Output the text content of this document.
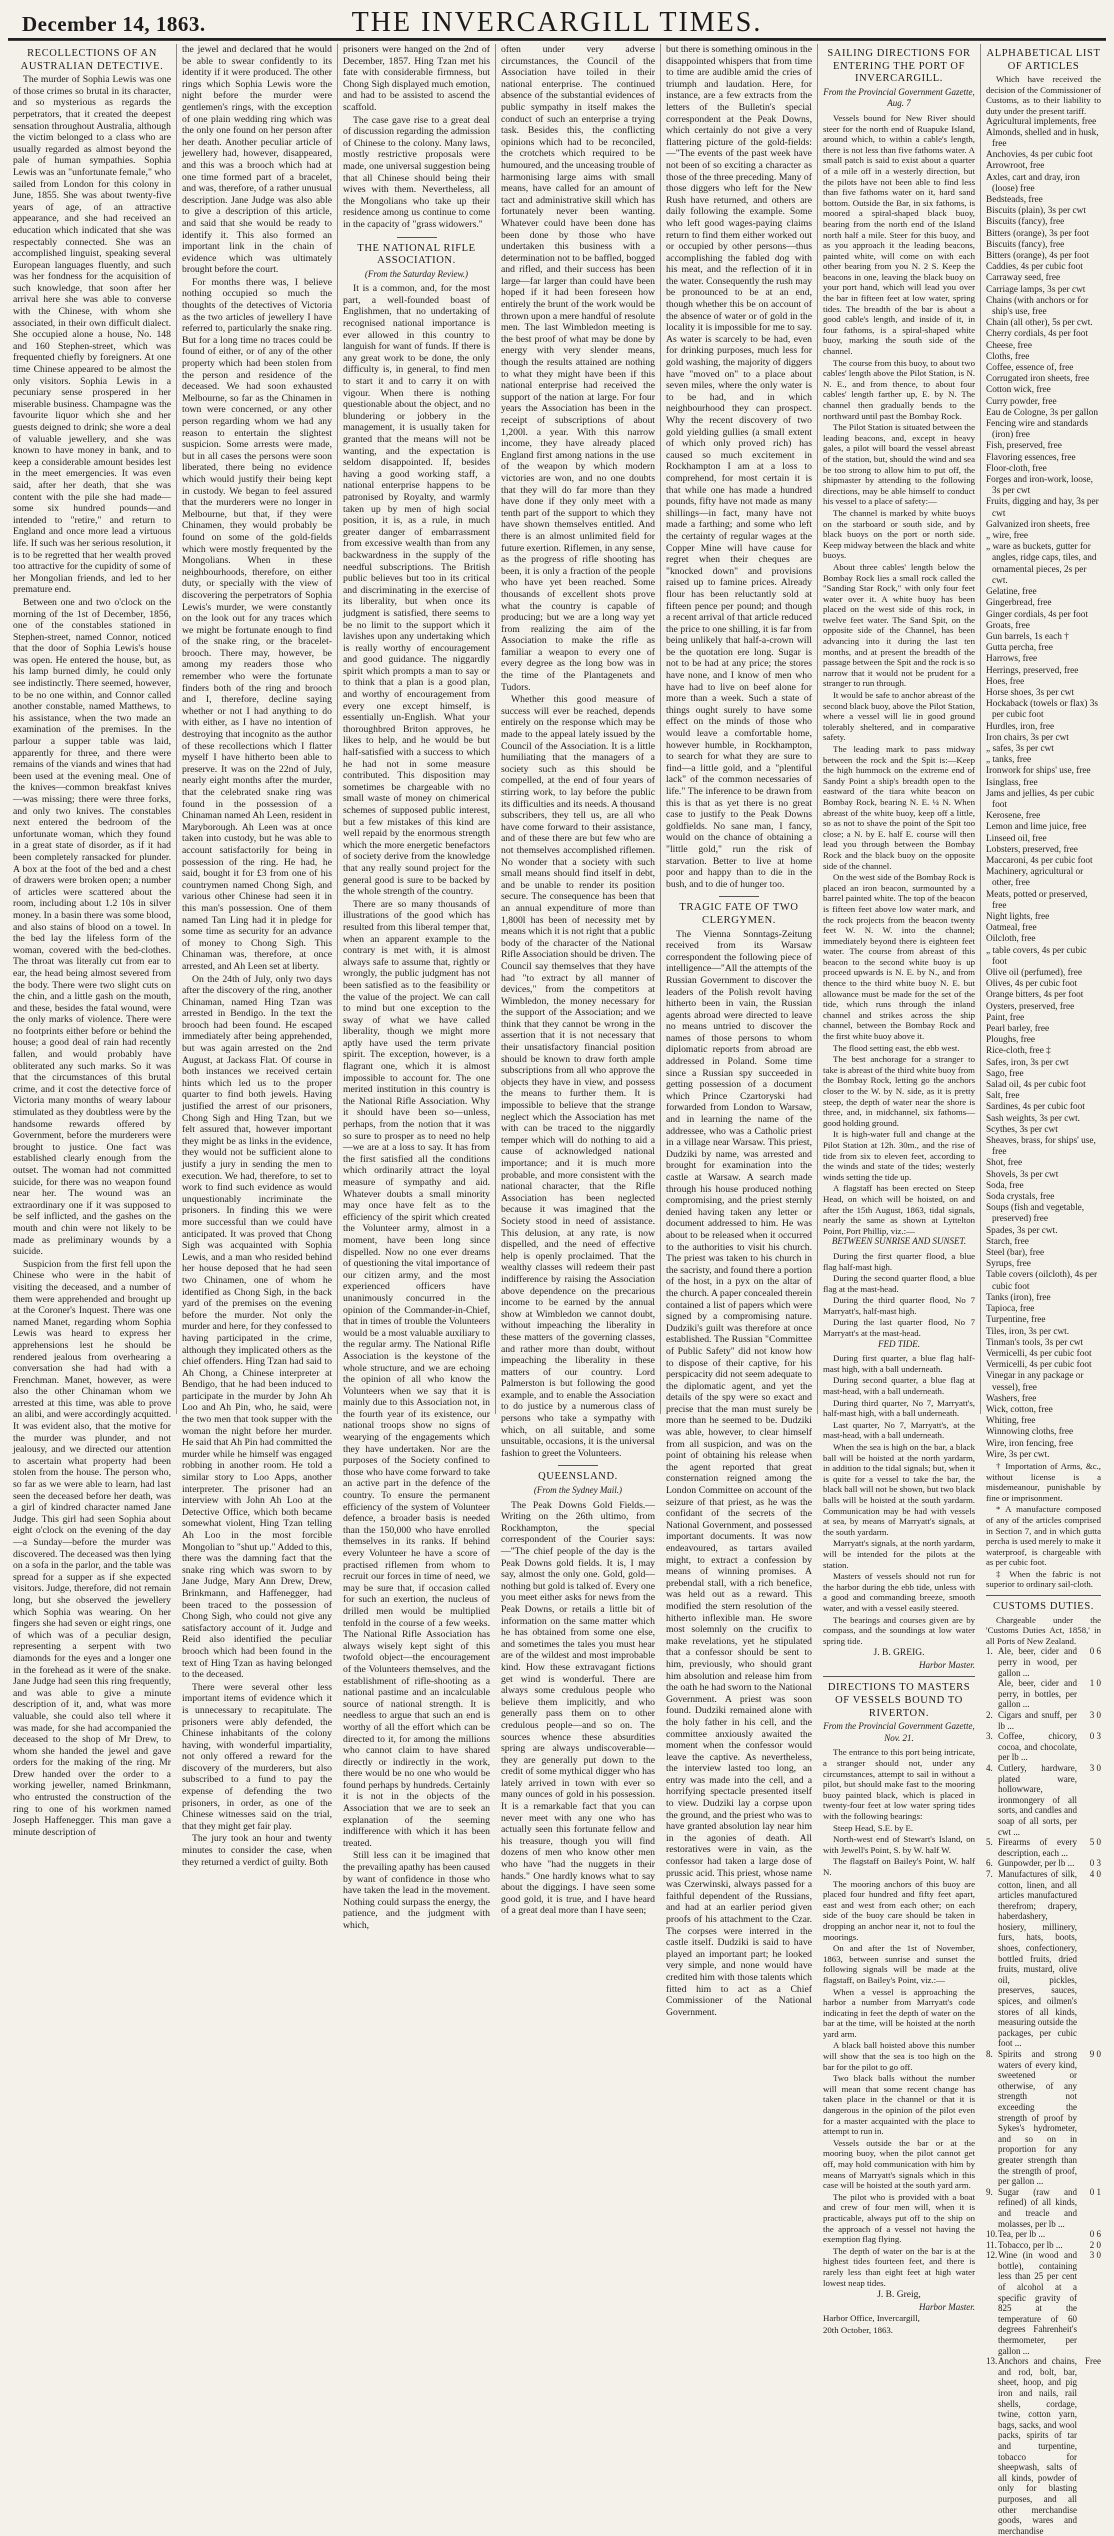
December 14, 1863.	THE INVERCARGILL TIMES.
RECOLLECTIONS OF AN AUSTRALIAN DETECTIVE.

The murder of Sophia Lewis was one of those crimes so brutal in its character, and so mysterious as regards the perpetrators, that it created the deepest sensation throughout Australia, although the victim belonged to a class who are usually regarded as almost beyond the pale of human sympathies. Sophia Lewis was an "unfortunate female," who sailed from London for this colony in June, 1855. She was about twenty-five years of age, of an attractive appearance, and she had received an education which indicated that she was respectably connected. She was an accomplished linguist, speaking several European languages fluently, and such was her fondness for the acquisition of such knowledge, that soon after her arrival here she was able to converse with the Chinese, with whom she associated, in their own difficult dialect. She occupied alone a house, No. 148 and 160 Stephen-street, which was frequented chiefly by foreigners. At one time Chinese appeared to be almost the only visitors. Sophia Lewis in a pecuniary sense prospered in her miserable business. Champagne was the favourite liquor which she and her guests deigned to drink; she wore a deal of valuable jewellery, and she was known to have money in bank, and to keep a considerable amount besides lest in the meet emergencies. It was even said, after her death, that she was content with the pile she had made—some six hundred pounds—and intended to "retire," and return to England and once more lead a virtuous life. If such was her serious resolution, it is to be regretted that her wealth proved too attractive for the cupidity of some of her Mongolian friends, and led to her premature end.

Between one and two o'clock on the morning of the 1st of December, 1856, one of the constables stationed in Stephen-street, named Connor, noticed that the door of Sophia Lewis's house was open. He entered the house, but, as his lamp burned dimly, he could only see indistinctly. There seemed, however, to be no one within, and Connor called another constable, named Matthews, to his assistance, when the two made an examination of the premises. In the parlour a supper table was laid, apparently for three, and there were remains of the viands and wines that had been used at the evening meal. One of the knives—common breakfast knives—was missing; there were three forks, and only two knives. The constables next entered the bedroom of the unfortunate woman, which they found in a great state of disorder, as if it had been completely ransacked for plunder. A box at the foot of the bed and a chest of drawers were broken open; a number of articles were scattered about the room, including about 1.2 10s in silver money. In a basin there was some blood, and also stains of blood on a towel. In the bed lay the lifeless form of the woman, covered with the bed-clothes. The throat was literally cut from ear to ear, the head being almost severed from the body. There were two slight cuts on the chin, and a little gash on the mouth, and these, besides the fatal wound, were the only marks of violence. There were no footprints either before or behind the house; a good deal of rain had recently fallen, and would probably have obliterated any such marks. So it was that the circumstances of this brutal crime, and it cost the detective force of Victoria many months of weary labour stimulated as they doubtless were by the handsome rewards offered by Government, before the murderers were brought to justice. One fact was established clearly enough from the outset. The woman had not committed suicide, for there was no weapon found near her. The wound was an extraordinary one if it was supposed to be self inflicted, and the gashes on the mouth and chin were not likely to be made as preliminary wounds by a suicide.

Suspicion from the first fell upon the Chinese who were in the habit of visiting the deceased, and a number of them were apprehended and brought up at the Coroner's Inquest. There was one named Manet, regarding whom Sophia Lewis was heard to express her apprehensions lest he should be rendered jealous from overhearing a conversation she had had with a Frenchman. Manet, however, as were also the other Chinaman whom we arrested at this time, was able to prove an alibi, and were accordingly acquitted. It was evident also, that the motive for the murder was plunder, and not jealousy, and we directed our attention to ascertain what property had been stolen from the house. The person who, so far as we were able to learn, had last seen the deceased before her death, was a girl of kindred character named Jane Judge. This girl had seen Sophia about eight o'clock on the evening of the day—a Sunday—before the murder was discovered. The deceased was then lying on a sofa in the parlor, and the table was spread for a supper as if she expected visitors. Judge, therefore, did not remain long, but she observed the jewellery which Sophia was wearing. On her fingers she had seven or eight rings, one of which was of a peculiar design, representing a serpent with two diamonds for the eyes and a longer one in the forehead as it were of the snake. Jane Judge had seen this ring frequently, and was able to give a minute description of it, and, what was more valuable, she could also tell where it was made, for she had accompanied the deceased to the shop of Mr Drew, to whom she handed the jewel and gave orders for the making of the ring. Mr Drew handed over the order to a working jeweller, named Brinkmann, who entrusted the construction of the ring to one of his workmen named Joseph Haffenegger. This man gave a minute description of

the jewel and declared that he would be able to swear confidently to its identity if it were produced. The other rings which Sophia Lewis wore the night before the murder were gentlemen's rings, with the exception of one plain wedding ring which was the only one found on her person after her death. Another peculiar article of jewellery had, however, disappeared, and this was a brooch which had at one time formed part of a bracelet, and was, therefore, of a rather unusual description. Jane Judge was also able to give a description of this article, and said that she would be ready to identify it. This also formed an important link in the chain of evidence which was ultimately brought before the court.

For months there was, I believe nothing occupied so much the thoughts of the detectives of Victoria as the two articles of jewellery I have referred to, particularly the snake ring. But for a long time no traces could be found of either, or of any of the other property which had been stolen from the person and residence of the deceased. We had soon exhausted Melbourne, so far as the Chinamen in town were concerned, or any other person regarding whom we had any reason to entertain the slightest suspicion. Some arrests were made, but in all cases the persons were soon liberated, there being no evidence which would justify their being kept in custody. We began to feel assured that the murderers were no longer in Melbourne, but that, if they were Chinamen, they would probably be found on some of the gold-fields which were mostly frequented by the Mongolians. When in these neighbourhoods, therefore, on either duty, or specially with the view of discovering the perpetrators of Sophia Lewis's murder, we were constantly on the look out for any traces which we might be fortunate enough to find of the snake ring, or the bracelet-brooch. There may, however, be among my readers those who remember who were the fortunate finders both of the ring and brooch and I, therefore, decline saying whether or not I had anything to do with either, as I have no intention of destroying that incognito as the author of these recollections which I flatter myself I have hitherto been able to preserve. It was on the 22nd of July, nearly eight months after the murder, that the celebrated snake ring was found in the possession of a Chinaman named Ah Leen, resident in Maryborough. Ah Leen was at once taken into custody, but he was able to account satisfactorily for being in possession of the ring. He had, he said, bought it for £3 from one of his countrymen named Chong Sigh, and various other Chinese had seen it in this man's possession. One of them named Tan Ling had it in pledge for some time as security for an advance of money to Chong Sigh. This Chinaman was, therefore, at once arrested, and Ah Leen set at liberty.

On the 24th of July, only two days after the discovery of the ring, another Chinaman, named Hing Tzan was arrested in Bendigo. In the text the brooch had been found. He escaped immediately after being apprehended, but was again arrested on the 2nd August, at Jackass Flat. Of course in both instances we received certain hints which led us to the proper quarter to find both jewels. Having justified the arrest of our prisoners, Chong Sigh and Hing Tzan, but we felt assured that, however important they might be as links in the evidence, they would not be sufficient alone to justify a jury in sending the men to execution. We had, therefore, to set to work to find such evidence as would unquestionably incriminate the prisoners. In finding this we were more successful than we could have anticipated. It was proved that Chong Sigh was acquainted with Sophia Lewis, and a man who resided behind her house deposed that he had seen two Chinamen, one of whom he identified as Chong Sigh, in the back yard of the premises on the evening before the murder. Not only the murder and here, for they confessed to having participated in the crime, although they implicated others as the chief offenders. Hing Tzan had said to Ah Chong, a Chinese interpreter at Bendigo, that he had been induced to participate in the murder by John Ah Loo and Ah Pin, who, he said, were the two men that took supper with the woman the night before her murder. He said that Ah Pin had committed the murder while he himself was engaged robbing in another room. He told a similar story to Loo Apps, another interpreter. The prisoner had an interview with John Ah Loo at the Detective Office, which both became somewhat violent, Hing Tzan telling Ah Loo in the most forcible Mongolian to "shut up." Added to this, there was the damning fact that the snake ring which was sworn to by Jane Judge, Mary Ann Drew, Drew, Brinkmann, and Haffenegger, had been traced to the possession of Chong Sigh, who could not give any satisfactory account of it. Judge and Reid also identified the peculiar brooch which had been found in the text of Hing Tzan as having belonged to the deceased.

There were several other less important items of evidence which it is unnecessary to recapitulate. The prisoners were ably defended, the Chinese inhabitants of the colony having, with wonderful impartiality, not only offered a reward for the discovery of the murderers, but also subscribed to a fund to pay the expense of defending the two prisoners, in order, as one of the Chinese witnesses said on the trial, that they might get fair play.

The jury took an hour and twenty minutes to consider the case, when they returned a verdict of guilty. Both

prisoners were hanged on the 2nd of December, 1857. Hing Tzan met his fate with considerable firmness, but Chong Sigh displayed much emotion, and had to be assisted to ascend the scaffold.

The case gave rise to a great deal of discussion regarding the admission of Chinese to the colony. Many laws, mostly restrictive proposals were made, one universal suggestion being that all Chinese should being their wives with them. Nevertheless, all the Mongolians who take up their residence among us continue to come in the capacity of "grass widowers."

THE NATIONAL RIFLE ASSOCIATION.
(From the Saturday Review.)

It is a common, and, for the most part, a well-founded boast of Englishmen, that no undertaking of recognised national importance is ever allowed in this country to languish for want of funds. If there is any great work to be done, the only difficulty is, in general, to find men to start it and to carry it on with vigour. When there is nothing questionable about the object, and no blundering or jobbery in the management, it is usually taken for granted that the means will not be wanting, and the expectation is seldom disappointed. If, besides having a good working staff, a national enterprise happens to be patronised by Royalty, and warmly taken up by men of high social position, it is, as a rule, in much greater danger of embarrassment from excessive wealth than from any backwardness in the supply of the needful subscriptions. The British public believes but too in its critical and discriminating in the exercise of its liberality, but when once its judgment is satisfied, there seems to be no limit to the support which it lavishes upon any undertaking which is really worthy of encouragement and good guidance. The niggardly spirit which prompts a man to say or to think that a plan is a good plan, and worthy of encouragement from every one except himself, is essentially un-English. What your thoroughbred Briton approves, he likes to help, and he would be but half-satisfied with a success to which he had not in some measure contributed. This disposition may sometimes be chargeable with no small waste of money on chimerical schemes of supposed public interest, but a few mistakes of this kind are well repaid by the enormous strength which the more energetic benefactors of society derive from the knowledge that any really sound project for the general good is sure to be backed by the whole strength of the country.

There are so many thousands of illustrations of the good which has resulted from this liberal temper that, when an apparent example to the contrary is met with, it is almost always safe to assume that, rightly or wrongly, the public judgment has not been satisfied as to the feasibility or the value of the project. We can call to mind but one exception to the sway of what we have called liberality, though we might more aptly have used the term private spirit. The exception, however, is a flagrant one, which it is almost impossible to account for. The one merited institution in this country is the National Rifle Association. Why it should have been so—unless, perhaps, from the notion that it was so sure to prosper as to need no help—we are at a loss to say. It has from the first satisfied all the conditions which ordinarily attract the loyal measure of sympathy and aid. Whatever doubts a small minority may once have felt as to the efficiency of the spirit which created the Volunteer army, almost in a moment, have been long since dispelled. Now no one ever dreams of questioning the vital importance of our citizen army, and the most experienced officers have unanimously concurred in the opinion of the Commander-in-Chief, that in times of trouble the Volunteers would be a most valuable auxiliary to the regular army. The National Rifle Association is the keystone of the whole structure, and we are echoing the opinion of all who know the Volunteers when we say that it is mainly due to this Association not, in the fourth year of its existence, our national troops show no signs of wearying of the engagements which they have undertaken. Nor are the purposes of the Society confined to those who have come forward to take an active part in the defence of the country. To ensure the permanent efficiency of the system of Volunteer defence, a broader basis is needed than the 150,000 who have enrolled themselves in its ranks. If behind every Volunteer he have a score of practised riflemen from whom to recruit our forces in time of need, we may be sure that, if occasion called for such an exertion, the nucleus of drilled men would be multiplied tenfold in the course of a few weeks. The National Rifle Association has always wisely kept sight of this twofold object—the encouragement of the Volunteers themselves, and the establishment of rifle-shooting as a national pastime and an incalculable source of national strength. It is needless to argue that such an end is worthy of all the effort which can be directed to it, for among the millions who cannot claim to have shared directly or indirectly in the work, there would be no one who would be found perhaps by hundreds. Certainly it is not in the objects of the Association that we are to seek an explanation of the seeming indifference with which it has been treated.

Still less can it be imagined that the prevailing apathy has been caused by want of confidence in those who have taken the lead in the movement. Nothing could surpass the energy, the patience, and the judgment with which,

often under very adverse circumstances, the Council of the Association have toiled in their national enterprise. The continued absence of the substantial evidences of public sympathy in itself makes the conduct of such an enterprise a trying task. Besides this, the conflicting opinions which had to be reconciled, the crotchets which required to be humoured, and the unceasing trouble of harmonising large aims with small means, have called for an amount of tact and administrative skill which has fortunately never been wanting. Whatever could have been done has been done by those who have undertaken this business with a determination not to be baffled, bogged and rifled, and their success has been large—far larger than could have been hoped if it had been foreseen how entirely the brunt of the work would be thrown upon a mere handful of resolute men. The last Wimbledon meeting is the best proof of what may be done by energy with very slender means, though the results attained are nothing to what they might have been if this national enterprise had received the support of the nation at large. For four years the Association has been in the receipt of subscriptions of about 1,200l. a year. With this narrow income, they have already placed England first among nations in the use of the weapon by which modern victories are won, and no one doubts that they will do far more than they have done if they only meet with a tenth part of the support to which they have shown themselves entitled. And there is an almost unlimited field for future exertion. Riflemen, in any sense, as the progress of rifle shooting has been, it is only a fraction of the people who have yet been reached. Some thousands of excellent shots prove what the country is capable of producing; but we are a long way yet from realizing the aim of the Association to make the rifle as familiar a weapon to every one of every degree as the long bow was in the time of the Plantagenets and Tudors.

Whether this good measure of success will ever be reached, depends entirely on the response which may be made to the appeal lately issued by the Council of the Association. It is a little humiliating that the managers of a society such as this should be compelled, at the end of four years of stirring work, to lay before the public its difficulties and its needs. A thousand subscribers, they tell us, are all who have come forward to their assistance, and of these there are but few who are not themselves accomplished riflemen. No wonder that a society with such small means should find itself in debt, and be unable to render its position secure. The consequence has been that an annual expenditure of more than 1,800l has been of necessity met by means which it is not right that a public body of the character of the National Rifle Association should be driven. The Council say themselves that they have had "to extract by all manner of devices," from the competitors at Wimbledon, the money necessary for the support of the Association; and we think that they cannot be wrong in the assertion that it is not necessary that their unsatisfactory financial position should be known to draw forth ample subscriptions from all who approve the objects they have in view, and possess the means to further them. It is impossible to believe that the strange neglect which the Association has met with can be traced to the niggardly temper which will do nothing to aid a cause of acknowledged national importance; and it is much more probable, and more consistent with the national character, that the Rifle Association has been neglected because it was imagined that the Society stood in need of assistance. This delusion, at any rate, is now dispelled, and the need of effective help is openly proclaimed. That the wealthy classes will redeem their past indifference by raising the Association above dependence on the precarious income to be earned by the annual show at Wimbledon we cannot doubt, without impeaching the liberality in these matters of the governing classes, and rather more than doubt, without impeaching the liberality in these matters of our country. Lord Palmerston is but following the good example, and to enable the Association to do justice by a numerous class of persons who take a sympathy with which, on all suitable, and some unsuitable, occasions, it is the universal fashion to greet the Volunteers.

QUEENSLAND.
(From the Sydney Mail.)

The Peak Downs Gold Fields.—Writing on the 26th ultimo, from Rockhampton, the special correspondent of the Courier says:—"The chief people of the day is the Peak Downs gold fields. It is, I may say, almost the only one. Gold, gold—nothing but gold is talked of. Every one you meet either asks for news from the Peak Downs, or retails a little bit of information on the same matter which he has obtained from some one else, and sometimes the tales you must hear are of the wildest and most improbable kind. How these extravagant fictions get wind is wonderful. There are always some credulous people who believe them implicitly, and who generally pass them on to other credulous people—and so on. The sources whence these absurdities spring are always undiscoverable—they are generally put down to the credit of some mythical digger who has lately arrived in town with ever so many ounces of gold in his possession. It is a remarkable fact that you can never meet with any one who has actually seen this fortunate fellow and his treasure, though you will find dozens of men who know other men who have "had the nuggets in their hands." One hardly knows what to say about the diggings. I have seen some good gold, it is true, and I have heard of a great deal more than I have seen;

but there is something ominous in the disappointed whispers that from time to time are audible amid the cries of triumph and laudation. Here, for instance, are a few extracts from the letters of the Bulletin's special correspondent at the Peak Downs, which certainly do not give a very flattering picture of the gold-fields:—"The events of the past week have not been of so exciting a character as those of the three preceding. Many of those diggers who left for the New Rush have returned, and others are daily following the example. Some who left good wages-paying claims return to find them either worked out or occupied by other persons—thus accomplishing the fabled dog with his meat, and the reflection of it in the water. Consequently the rush may be pronounced to be at an end, though whether this be on account of the absence of water or of gold in the locality it is impossible for me to say. As water is scarcely to be had, even for drinking purposes, much less for gold washing, the majority of diggers have "moved on" to a place about seven miles, where the only water is to be had, and in which neighbourhood they can prospect. Why the recent discovery of two gold yielding gullies (a small extent of which only proved rich) has caused so much excitement in Rockhampton I am at a loss to comprehend, for most certain it is that while one has made a hundred pounds, fifty have not made as many shillings—in fact, many have not made a farthing; and some who left the certainty of regular wages at the Copper Mine will have cause for regret when their cheques are "knocked down" and provisions raised up to famine prices. Already flour has been reluctantly sold at fifteen pence per pound; and though a recent arrival of that article reduced the price to one shilling, it is far from being unlikely that half-a-crown will be the quotation ere long. Sugar is not to be had at any price; the stores have none, and I know of men who have had to live on beef alone for more than a week. Such a state of things ought surely to have some effect on the minds of those who would leave a comfortable home, however humble, in Rockhampton, to search for what they are sure to find—a little gold, and a "plentiful lack" of the common necessaries of life." The inference to be drawn from this is that as yet there is no great case to justify to the Peak Downs goldfields. No sane man, I fancy, would on the chance of obtaining a "little gold," run the risk of starvation. Better to live at home poor and happy than to die in the bush, and to die of hunger too.

TRAGIC FATE OF TWO CLERGYMEN.

The Vienna Sonntags-Zeitung received from its Warsaw correspondent the following piece of intelligence—"All the attempts of the Russian Government to discover the leaders of the Polish revolt having hitherto been in vain, the Russian agents abroad were directed to leave no means untried to discover the names of those persons to whom diplomatic reports from abroad are addressed in Poland. Some time since a Russian spy succeeded in getting possession of a document which Prince Czartoryski had forwarded from London to Warsaw, and in learning the name of the addressee, who was a Catholic priest in a village near Warsaw. This priest, Dudziki by name, was arrested and brought for examination into the castle at Warsaw. A search made through his house produced nothing compromising, and the priest sternly denied having taken any letter or document addressed to him. He was about to be released when it occurred to the authorities to visit his church. The priest was taken to his church in the sacristy, and found there a portion of the host, in a pyx on the altar of the church. A paper concealed therein contained a list of papers which were signed by a compromising nature. Dudziki's guilt was therefore at once established. The Russian "Committee of Public Safety" did not know how to dispose of their captive, for his perspicacity did not seem adequate to the diplomatic agent, and yet the details of the spy were so exact and precise that the man must surely be more than he seemed to be. Dudziki was able, however, to clear himself from all suspicion, and was on the point of obtaining his release when the agent reported that great consternation reigned among the London Committee on account of the seizure of that priest, as he was the confidant of the secrets of the National Government, and possessed important documents. It was now endeavoured, as tartars availed might, to extract a confession by means of winning promises. A prebendal stall, with a rich benefice, was held out as a reward. This modified the stern resolution of the hitherto inflexible man. He swore most solemnly on the crucifix to make revelations, yet he stipulated that a confessor should be sent to him, previously, who should grant him absolution and release him from the oath he had sworn to the National Government. A priest was soon found. Dudziki remained alone with the holy father in his cell, and the committee anxiously awaited the moment when the confessor would leave the captive. As nevertheless, the interview lasted too long, an entry was made into the cell, and a horrifying spectacle presented itself to view. Dudziki lay a corpse upon the ground, and the priest who was to have granted absolution lay near him in the agonies of death. All restoratives were in vain, as the confessor had taken a large dose of prussic acid. This priest, whose name was Czerwinski, always passed for a faithful dependent of the Russians, and had at an earlier period given proofs of his attachment to the Czar. The corpses were interred in the castle itself. Dudziki is said to have played an important part; he looked very simple, and none would have credited him with those talents which fitted him to act as a Chief Commissioner of the National Government.

SAILING DIRECTIONS FOR ENTERING THE PORT OF INVERCARGILL.
From the Provincial Government Gazette, Aug. 7

Vessels bound for New River should steer for the north end of Ruapuke Island, around which, to within a cable's length, there is not less than five fathoms water. A small patch is said to exist about a quarter of a mile off in a westerly direction, but the pilots have not been able to find less than five fathoms water on it, hard sand bottom. Outside the Bar, in six fathoms, is moored a spiral-shaped black buoy, bearing from the north end of the Island north half a mile. Steer for this buoy, and as you approach it the leading beacons, painted white, will come on with each other bearing from you N. 2 S. Keep the beacons in one, leaving the black buoy on your port hand, which will lead you over the bar in fifteen feet at low water, spring tides. The breadth of the bar is about a good cable's length, and inside of it, in four fathoms, is a spiral-shaped white buoy, marking the south side of the channel.

The course from this buoy, to about two cables' length above the Pilot Station, is N. N. E., and from thence, to about four cables' length farther up, E. by N. The channel then gradually bends to the northward until past the Bombay Rock.

The Pilot Station is situated between the leading beacons, and, except in heavy gales, a pilot will board the vessel abreast of the station, but, should the wind and sea be too strong to allow him to put off, the shipmaster by attending to the following directions, may be able himself to conduct his vessel to a place of safety:—

The channel is marked by white buoys on the starboard or south side, and by black buoys on the port or north side. Keep midway between the black and white buoys.

About three cables' length below the Bombay Rock lies a small rock called the "Sanding Star Rock," with only four feet water over it. A white buoy has been placed on the west side of this rock, in twelve feet water. The Sand Spit, on the opposite side of the Channel, has been advancing into it during the last ten months, and at present the breadth of the passage between the Spit and the rock is so narrow that it would not be prudent for a stranger to run through.

It would be safe to anchor abreast of the second black buoy, above the Pilot Station, where a vessel will lie in good ground tolerably sheltered, and in comparative safety.

The leading mark to pass midway between the rock and the Spit is:—Keep the high hummock on the extreme end of Sandy Point a ship's breadth open to the eastward of the tiara white beacon on Bombay Rock, bearing N. E. ¼ N. When abreast of the white buoy, keep off a little, so as not to shave the point of the Spit too close; a N. by E. half E. course will then lead you through between the Bombay Rock and the black buoy on the opposite side of the channel.

On the west side of the Bombay Rock is placed an iron beacon, surmounted by a barrel painted white. The top of the beacon is fifteen feet above low water mark, and the rock projects from the beacon twenty feet W. N. W. into the channel; immediately beyond there is eighteen feet water. The course from abreast of this beacon to the second white buoy is up proceed upwards is N. E. by N., and from thence to the third white buoy N. E. but allowance must be made for the set of the tide, which runs through the inland channel and strikes across the ship channel, between the Bombay Rock and the first white buoy above it.

The flood setting east, the ebb west.

The best anchorage for a stranger to take is abreast of the third white buoy from the Bombay Rock, letting go the anchors closer to the W. by N. side, as it is pretty steep, the depth of water near the shore is three, and, in midchannel, six fathoms—good holding ground.

It is high-water full and change at the Pilot Station at 12h. 30m., and the rise of tide from six to eleven feet, according to the winds and state of the tides; westerly winds setting the tide up.

A flagstaff has been erected on Steep Head, on which will be hoisted, on and after the 15th August, 1863, tidal signals, nearly the same as shown at Lyttelton Point, Port Phillip, viz.:—

BETWEEN SUNRISE AND SUNSET.

During the first quarter flood, a blue flag half-mast high.

During the second quarter flood, a blue flag at the mast-head.

During the third quarter flood, No 7 Marryatt's, half-mast high.

During the last quarter flood, No 7 Marryatt's at the mast-head.

FED TIDE.

During first quarter, a blue flag half-mast high, with a ball underneath.

During second quarter, a blue flag at mast-head, with a ball underneath.

During third quarter, No 7, Marryatt's, half-mast high, with a ball underneath.

Last quarter, No 7, Marryatt's, at the mast-head, with a ball underneath.

When the sea is high on the bar, a black ball will be hoisted at the north yardarm, in addition to the tidal signals; but, when it is quite for a vessel to take the bar, the black ball will not be shown, but two black balls will be hoisted at the south yardarm. Communication may be had with vessels at sea, by means of Marryatt's signals, at the south yardarm.

Marryatt's signals, at the north yardarm, will be intended for the pilots at the station.

Masters of vessels should not run for the harbor during the ebb tide, unless with a good and commanding breeze, smooth water, and with a vessel easily steered.

The bearings and courses given are by compass, and the soundings at low water spring tide.

J. B. GREIG.
Harbor Master.
DIRECTIONS TO MASTERS OF VESSELS BOUND TO RIVERTON.
From the Provincial Government Gazette, Nov. 21.

The entrance to this port being intricate, a stranger should not, under any circumstances, attempt to sail in without a pilot, but should make fast to the mooring buoy painted black, which is placed in twenty-four feet at low water spring tides with the following bearings:

Steep Head, S.E. by E.

North-west end of Stewart's Island, on with Jewell's Point, S. by W. half W.

The flagstaff on Bailey's Point, W. half N.

The mooring anchors of this buoy are placed four hundred and fifty feet apart, east and west from each other; on each side of the buoy care should be taken in dropping an anchor near it, not to foul the moorings.

On and after the 1st of November, 1863, between sunrise and sunset the following signals will be made at the flagstaff, on Bailey's Point, viz.:—

When a vessel is approaching the harbor a number from Marryatt's code indicating in feet the depth of water on the bar at the time, will be hoisted at the north yard arm.

A black ball hoisted above this number will show that the sea is too high on the bar for the pilot to go off.

Two black balls without the number will mean that some recent change has taken place in the channel or that it is dangerous in the opinion of the pilot even for a master acquainted with the place to attempt to run in.

Vessels outside the bar or at the mooring buoy, when the pilot cannot get off, may hold communication with him by means of Marryatt's signals which in this case will be hoisted at the south yard arm.

The pilot who is provided with a boat and crew of four men will, when it is practicable, always put off to the ship on the approach of a vessel not having the exemption flag flying.

The depth of water on the bar is at the highest tides fourteen feet, and there is rarely less than eight feet at high water lowest neap tides.

J. B. Greig,
Harbor Master.

Harbor Office, Invercargill,

20th October, 1863.

ALPHABETICAL LIST OF ARTICLES

Which have received the decision of the Commissioner of Customs, as to their liability to duty under the present tariff.

Agricultural implements, free
Almonds, shelled and in husk, free
Anchovies, 4s per cubic foot
Arrowroot, free
Axles, cart and dray, iron (loose) free
Bedsteads, free
Biscuits (plain), 3s per cwt
Biscuits (fancy), free
Bitters (orange), 3s per foot
Biscuits (fancy), free
Bitters (orange), 4s per foot
Caddies, 4s per cubic foot
Carraway seed, free
Carriage lamps, 3s per cwt
Chains (with anchors or for ship's use, free
Chain (all other), 5s per cwt.
Cherry cordials, 4s per foot
Cheese, free
Cloths, free
Coffee, essence of, free
Corrugated iron sheets, free
Cotton wick, free
Curry powder, free
Eau de Cologne, 3s per gallon
Fencing wire and standards (iron) free
Fish, preserved, free
Flavoring essences, free
Floor-cloth, free
Forges and iron-work, loose, 3s per cwt
Fruits, digging and hay, 3s per cwt
Galvanized iron sheets, free
„ wire, free
„ ware as buckets, gutter for angles, ridge caps, tiles, and ornamental pieces, 2s per cwt.
Gelatine, free
Gingerbread, free
Ginger cordials, 4s per foot
Groats, free
Gun barrels, 1s each †
Gutta percha, free
Harrows, free
Herrings, preserved, free
Hoes, free
Horse shoes, 3s per cwt
Hockaback (towels or flax) 3s per cubic foot
Hurdles, iron, free
Iron chairs, 3s per cwt
„ safes, 3s per cwt
„ tanks, free
Ironwork for ships' use, free
Isinglass, free
Jams and jellies, 4s per cubic foot
Kerosene, free
Lemon and lime juice, free
Linseed oil, free
Lobsters, preserved, free
Maccaroni, 4s per cubic foot
Machinery, agricultural or other, free
Meats, potted or preserved, free
Night lights, free
Oatmeal, free
Oilcloth, free
„ table covers, 4s per cubic foot
Olive oil (perfumed), free
Olives, 4s per cubic foot
Orange bitters, 4s per foot
Oysters, preserved, free
Paint, free
Pearl barley, free
Ploughs, free
Rice-cloth, free ‡
Safes, iron, 3s per cwt
Sago, free
Salad oil, 4s per cubic foot
Salt, free
Sardines, 4s per cubic foot
Sash weights, 3s per cwt.
Scythes, 3s per cwt
Sheaves, brass, for ships' use, free
Shot, free
Shovels, 3s per cwt
Soda, free
Soda crystals, free
Soups (fish and vegetable, preserved) free
Spades, 3s per cwt.
Starch, free
Steel (bar), free
Syrups, free
Table covers (oilcloth), 4s per cubic foot
Tanks (iron), free
Tapioca, free
Turpentine, free
Tiles, iron, 3s per cwt.
Tinman's tools, 3s per cwt
Vermicelli, 4s per cubic foot
Vermicelli, 4s per cubic foot
Vinegar in any package or vessel), free
Washers, free
Wick, cotton, free
Whiting, free
Winnowing cloths, free
Wire, iron fencing, free
Wire, 3s per cwt.

† Importation of Arms, &c., without license is a misdemeanour, punishable by fine or imprisonment.

* A manufacture composed of any of the articles comprised in Section 7, and in which gutta percha is used merely to make it waterproof, is chargeable with as per cubic foot.

‡ When the fabric is not superior to ordinary sail-cloth.

CUSTOMS DUTIES.

Chargeable under the 'Customs Duties Act, 1858,' in all Ports of New Zealand.

1.	Ale, beer, cider and perry in wood, per gallon ...	0 6
	Ale, beer, cider and perry, in bottles, per gallon ...	1 0
2.	Cigars and snuff, per lb ...	3 0
3.	Coffee, chicory, cocoa, and chocolate, per lb ...	0 3
4.	Cutlery, hardware, plated ware, hollowware, ironmongery of all sorts, and candles and soap of all sorts, per cwt ...	3 0
5.	Firearms of every description, each ...	5 0
6.	Gunpowder, per lb ...	0 3
7.	Manufactures of silk, cotton, linen, and all articles manufactured therefrom; drapery, haberdashery, hosiery, millinery, furs, hats, boots, shoes, confectionery, bottled fruits, dried fruits, mustard, olive oil, pickles, preserves, sauces, spices, and oilmen's stores of all kinds, measuring outside the packages, per cubic foot ...	4 0
8.	Spirits and strong waters of every kind, sweetened or otherwise, of any strength not exceeding the strength of proof by Sykes's hydrometer, and so on in proportion for any greater strength than the strength of proof, per gallon ...	9 0
9.	Sugar (raw and refined) of all kinds, and treacle and molasses, per lb ...	0 1
10.	Tea, per lb ...	0 6
11.	Tobacco, per lb ...	2 0
12.	Wine (in wood and bottle), containing less than 25 per cent of alcohol at a specific gravity of 825 at the temperature of 60 degrees Fahrenheit's thermometer, per gallon ...	3 0
13.	Anchors and chains, and rod, bolt, bar, sheet, hoop, and pig iron and nails, rail shells, cordage, twine, cotton yarn, bags, sacks, and wool packs, spirits of tar and turpentine, tobacco for sheepwash, salts of all kinds, powder of only for blasting purposes, and all other merchandise goods, wares and merchandise	Free
